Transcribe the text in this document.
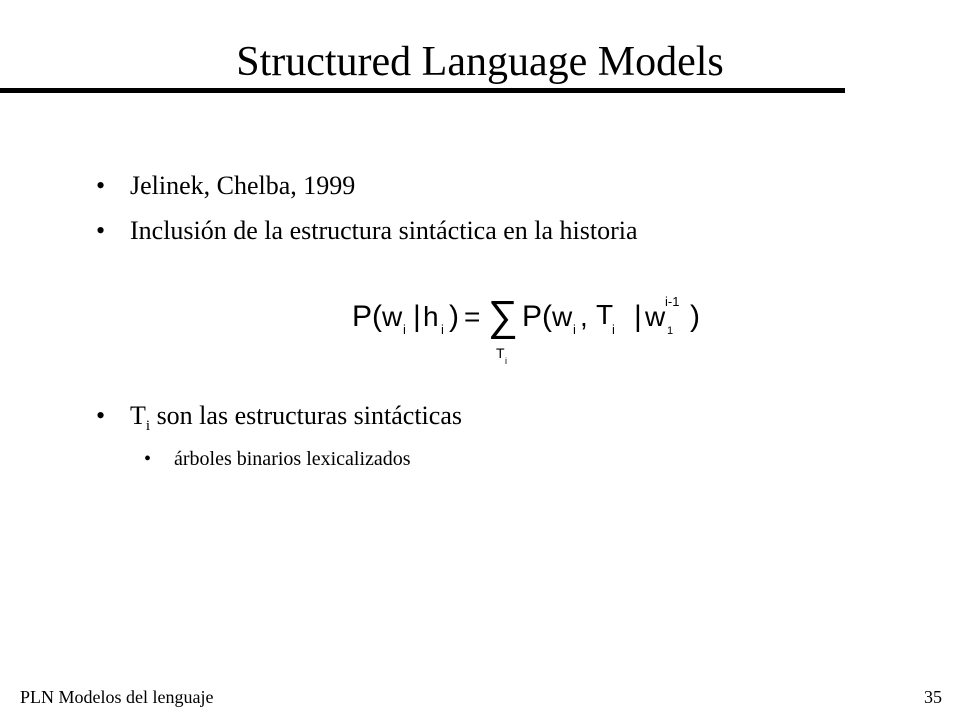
Structured Language Models
• Jelinek, Chelba, 1999
• Inclusión de la estructura sintáctica en la historia
P ( w i | h i ) = ∑
T i
P ( w i , T
i | w 1
i-1 )
• $T_i$ son las estructuras sintácticas
• árboles binarios lexicalizados
PLN Modelos del lenguaje	35
